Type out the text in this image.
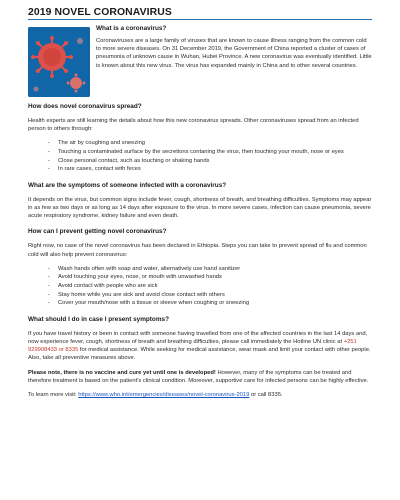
2019 NOVEL CORONAVIRUS
What is a coronavirus?

Coronaviruses are a large family of viruses that are known to cause illness ranging from the common cold to more severe diseases. On 31 December 2019, the Government of China reported a cluster of cases of pneumonia of unknown cause in Wuhan, Hubei Province. A new coronavirus was eventually identified. Little is known about this new virus. The virus has expanded mainly in China and to other several countries.

How does novel coronavirus spread?

Health experts are still learning the details about how this new coronavirus spreads. Other coronaviruses spread from an infected person to others through:

- The air by coughing and sneezing
- Touching a contaminated surface by the secretions contaning the virus, then touching your mouth, nose or eyes
- Close personal contact, such as touching or shaking hands
- In rare cases, contact with feces
What are the symptoms of someone infected with a coronavirus?

It depends on the virus, but common signs include fever, cough, shortness of breath, and breathing difficulties. Symptoms may appear in as few as two days or as long as 14 days after exposure to the virus. In more severe cases, infection can cause pneumonia, severe acute respiratory syndrome, kidney failure and even death.

How can I prevent getting novel coronavirus?

Right now, no case of the novel coronavirus has been declared in Ethiopia. Steps you can take to prevent spread of flu and common cold will also help prevent coronavirus:

- Wash hands often with soap and water, alternatively use hand sanitizer
- Avoid touching your eyes, nose, or mouth with unwashed hands
- Avoid contact with people who are sick
- Stay home while you are sick and avoid close contact with others
- Cover your mouth/nose with a tissue or sleeve when coughing or sneezing
What should I do in case I present symptoms?

If you have travel history or been in contact with someone having travelled from one of the affected countries in the last 14 days and, now experience fever, cough, shortness of breath and breathing difficulties, please call immediately the Hotline UN clinic at +251 929908433 or 8335 for medical assistance. While seeking for medical assistance, wear mask and limit your contact with other people. Also, take all preventive measures above.

Please note, there is no vaccine and cure yet until one is developed! However, many of the symptoms can be treated and therefore treatment is based on the patient's clinical condition. Moreover, supportive care for infected persons can be highly effective.

To learn more visit: https://www.who.int/emergencies/diseases/novel-coronavirus-2019 or call 8335.
